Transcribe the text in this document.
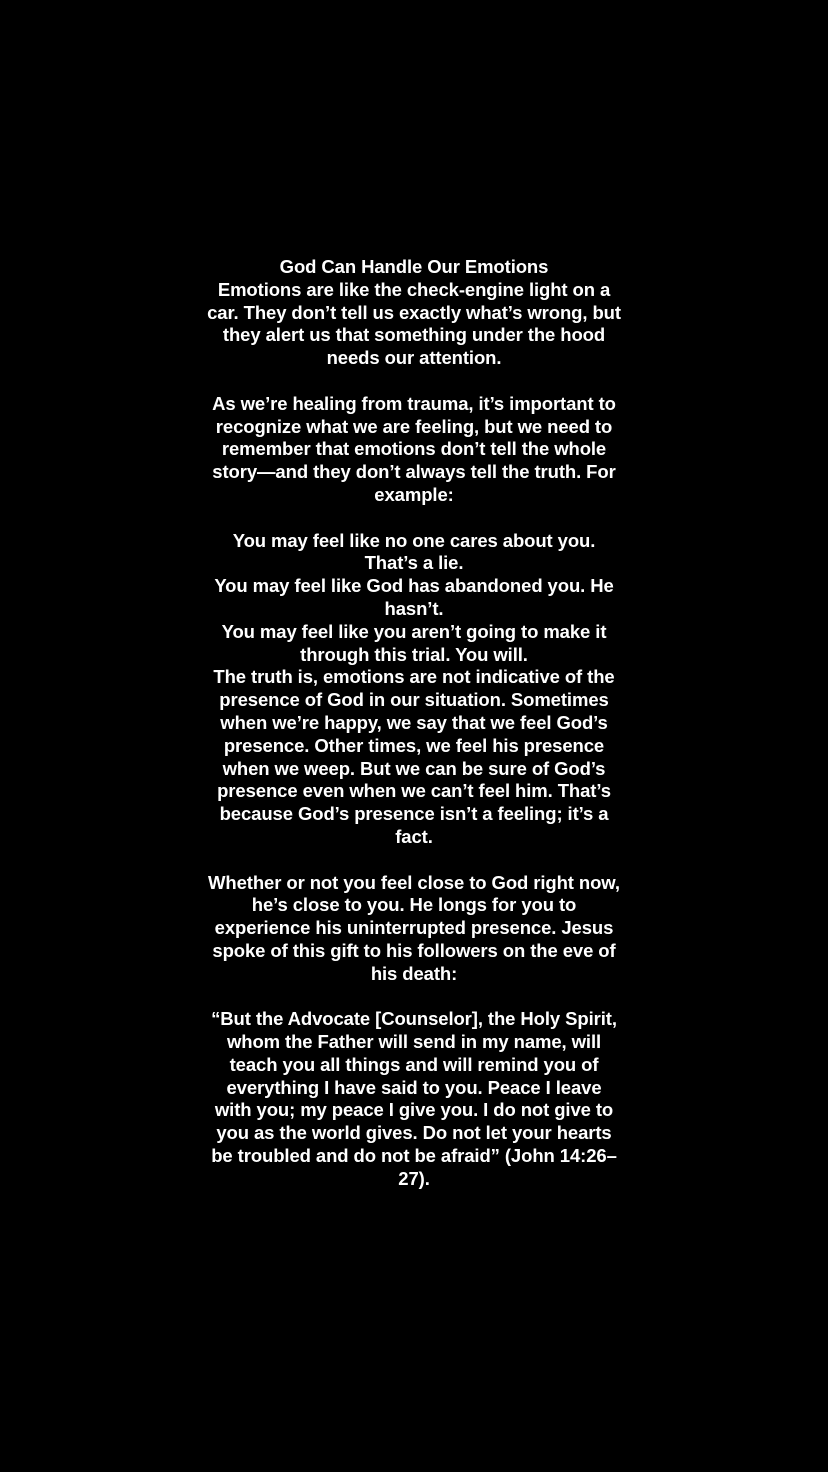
God Can Handle Our Emotions

Emotions are like the check-engine light on a car. They don’t tell us exactly what’s wrong, but they alert us that something under the hood needs our attention.

As we’re healing from trauma, it’s important to recognize what we are feeling, but we need to remember that emotions don’t tell the whole story—and they don’t always tell the truth. For example:

You may feel like no one cares about you. That’s a lie.

You may feel like God has abandoned you. He hasn’t.

You may feel like you aren’t going to make it through this trial. You will.

The truth is, emotions are not indicative of the presence of God in our situation. Sometimes when we’re happy, we say that we feel God’s presence. Other times, we feel his presence when we weep. But we can be sure of God’s presence even when we can’t feel him. That’s because God’s presence isn’t a feeling; it’s a fact.

Whether or not you feel close to God right now, he’s close to you. He longs for you to experience his uninterrupted presence. Jesus spoke of this gift to his followers on the eve of his death:

“But the Advocate [Counselor], the Holy Spirit, whom the Father will send in my name, will teach you all things and will remind you of everything I have said to you. Peace I leave with you; my peace I give you. I do not give to you as the world gives. Do not let your hearts be troubled and do not be afraid” (John 14:26–27).
